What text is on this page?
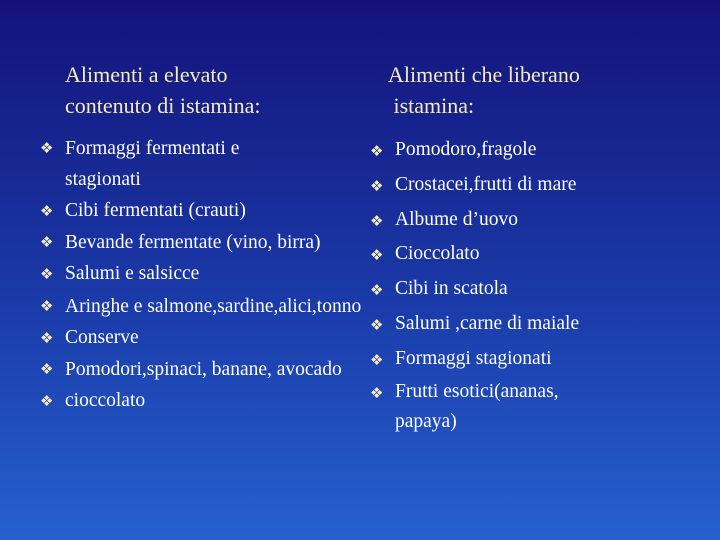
Alimenti a elevato
contenuto di istamina:
❖ Formaggi fermentati e stagionati
❖ Cibi fermentati (crauti)
❖ Bevande fermentate (vino, birra)
❖ Salumi e salsicce
❖ Aringhe e salmone,sardine,alici,tonno
❖ Conserve
❖ Pomodori,spinaci, banane, avocado
❖ cioccolato
Alimenti che liberano
istamina:
❖ Pomodoro,fragole
❖ Crostacei,frutti di mare
❖ Albume d’uovo
❖ Cioccolato
❖ Cibi in scatola
❖ Salumi ,carne di maiale
❖ Formaggi stagionati
❖ Frutti esotici(ananas, papaya)
